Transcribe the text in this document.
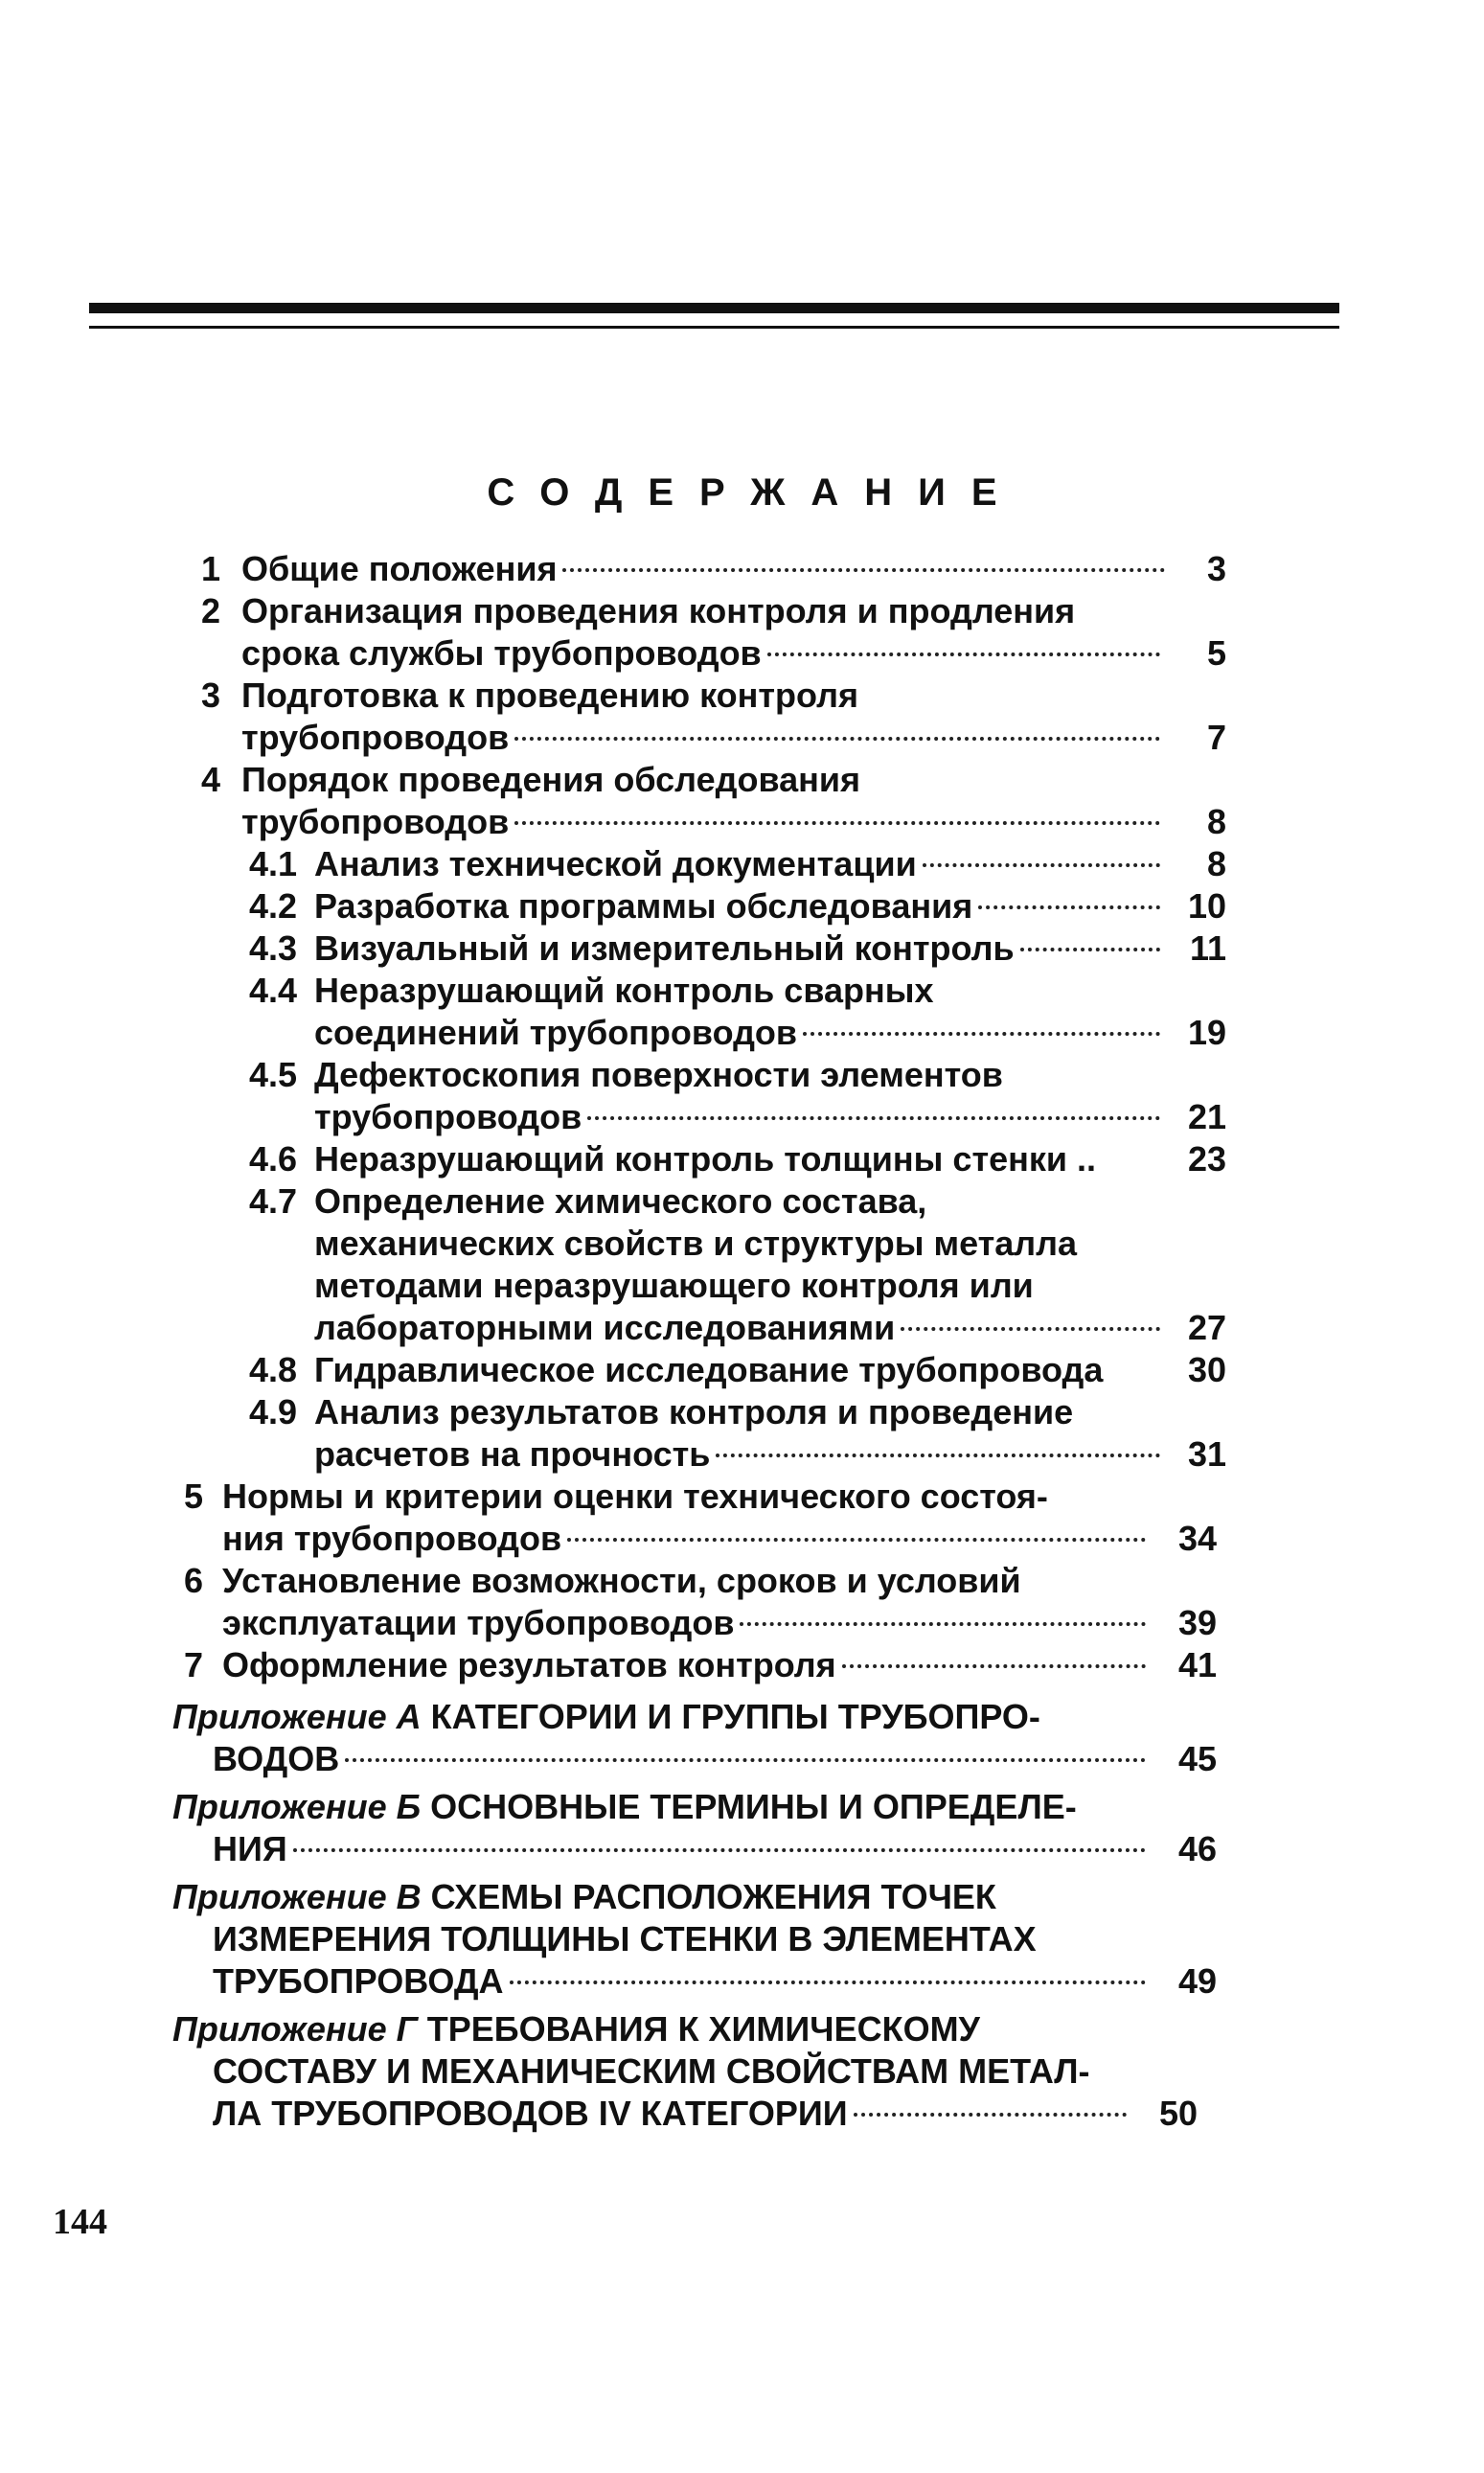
СОДЕРЖАНИЕ
1 Общие положения	3
2 Организация проведения контроля и продления
срока службы трубопроводов	5
3 Подготовка к проведению контроля
трубопроводов	7
4 Порядок проведения обследования
трубопроводов	8
4.1 Анализ технической документации	8
4.2 Разработка программы обследования	10
4.3 Визуальный и измерительный контроль	11
4.4 Неразрушающий контроль сварных
соединений трубопроводов	19
4.5 Дефектоскопия поверхности элементов
трубопроводов	21
4.6 Неразрушающий контроль толщины стенки ..	23
4.7 Определение химического состава,
механических свойств и структуры металла
методами неразрушающего контроля или
лабораторными исследованиями	27
4.8 Гидравлическое исследование трубопровода	30
4.9 Анализ результатов контроля и проведение
расчетов на прочность	31
5 Нормы и критерии оценки технического состоя-
ния трубопроводов	34
6 Установление возможности, сроков и условий
эксплуатации трубопроводов	39
7 Оформление результатов контроля	41
Приложение А КАТЕГОРИИ И ГРУППЫ ТРУБОПРО-
ВОДОВ	45
Приложение Б ОСНОВНЫЕ ТЕРМИНЫ И ОПРЕДЕЛЕ-
НИЯ	46
Приложение В СХЕМЫ РАСПОЛОЖЕНИЯ ТОЧЕК
ИЗМЕРЕНИЯ ТОЛЩИНЫ СТЕНКИ В ЭЛЕМЕНТАХ
ТРУБОПРОВОДА	49
Приложение Г ТРЕБОВАНИЯ К ХИМИЧЕСКОМУ
СОСТАВУ И МЕХАНИЧЕСКИМ СВОЙСТВАМ МЕТАЛ-
ЛА ТРУБОПРОВОДОВ IV КАТЕГОРИИ	50
144
